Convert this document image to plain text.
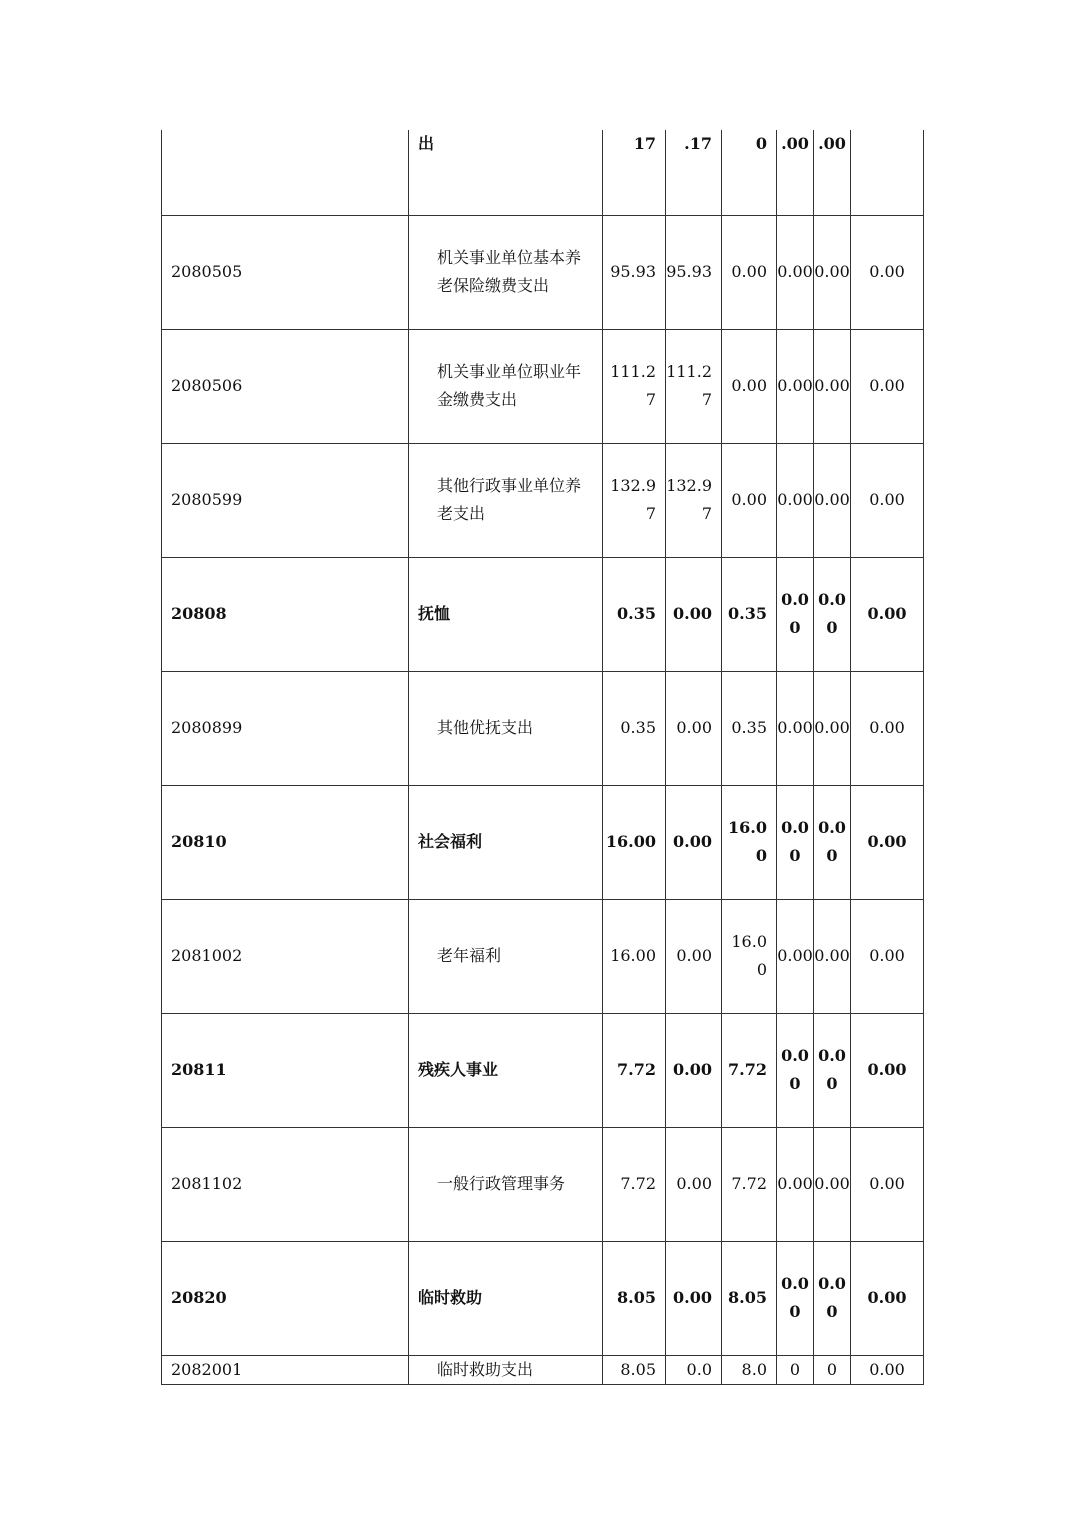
	出	17	.17	0	.00	.00	
2080505	机关事业单位基本养老保险缴费支出	95.93	95.93	0.00	0.00	0.00	0.00
2080506	机关事业单位职业年金缴费支出	111.27	111.27	0.00	0.00	0.00	0.00
2080599	其他行政事业单位养老支出	132.97	132.97	0.00	0.00	0.00	0.00
20808	抚恤	0.35	0.00	0.35	0.00	0.00	0.00
2080899	其他优抚支出	0.35	0.00	0.35	0.00	0.00	0.00
20810	社会福利	16.00	0.00	16.00	0.00	0.00	0.00
2081002	老年福利	16.00	0.00	16.00	0.00	0.00	0.00
20811	残疾人事业	7.72	0.00	7.72	0.00	0.00	0.00
2081102	一般行政管理事务	7.72	0.00	7.72	0.00	0.00	0.00
20820	临时救助	8.05	0.00	8.05	0.00	0.00	0.00
2082001	临时救助支出	8.05	0.0	8.0	0	0	0.00
